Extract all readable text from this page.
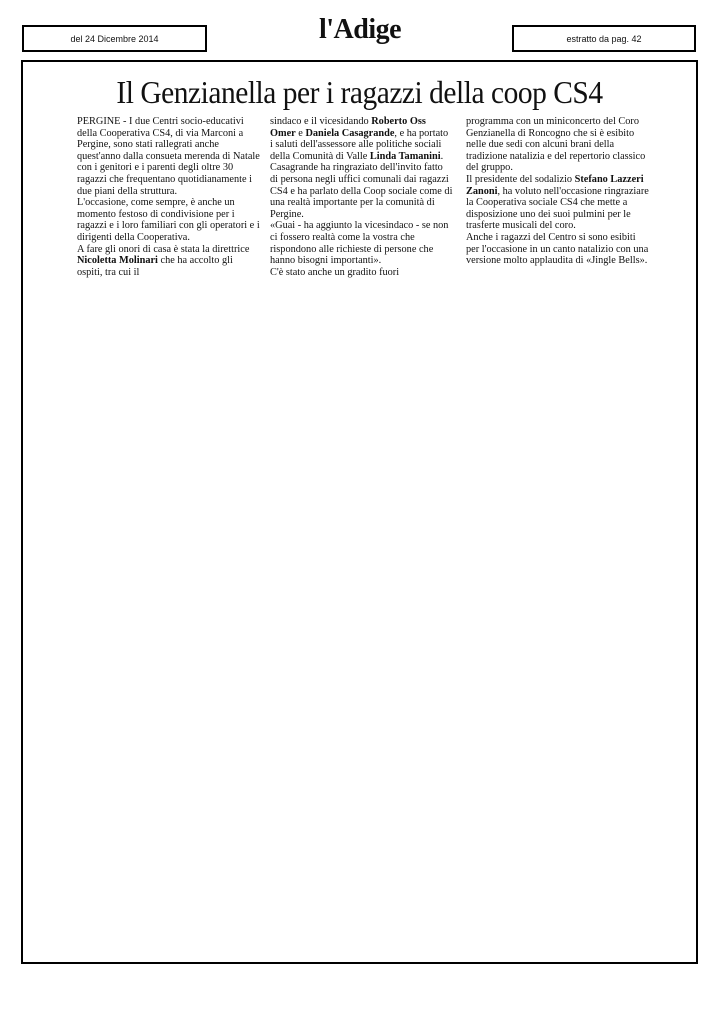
del 24 Dicembre 2014	l'Adige	estratto da pag. 42
Il Genzianella per i ragazzi della coop CS4

PERGINE - I due Centri socio-educativi della Cooperativa CS4, di via Marconi a Pergine, sono stati rallegrati anche quest'anno dalla consueta merenda di Natale con i genitori e i parenti degli oltre 30 ragazzi che frequentano quotidianamente i due piani della struttura.

L'occasione, come sempre, è anche un momento festoso di condivisione per i ragazzi e i loro familiari con gli operatori e i dirigenti della Cooperativa.

A fare gli onori di casa è stata la direttrice Nicoletta Molinari che ha accolto gli ospiti, tra cui il

sindaco e il vicesidando Roberto Oss Omer e Daniela Casagrande, e ha portato i saluti dell'assessore alle politiche sociali della Comunità di Valle Linda Tamanini.

Casagrande ha ringraziato dell'invito fatto di persona negli uffici comunali dai ragazzi CS4 e ha parlato della Coop sociale come di una realtà importante per la comunità di Pergine.

«Guai - ha aggiunto la vicesindaco - se non ci fossero realtà come la vostra che rispondono alle richieste di persone che hanno bisogni importanti».

C'è stato anche un gradito fuori

programma con un miniconcerto del Coro Genzianella di Roncogno che si è esibito nelle due sedi con alcuni brani della tradizione natalizia e del repertorio classico del gruppo.

Il presidente del sodalizio Stefano Lazzeri Zanoni, ha voluto nell'occasione ringraziare la Cooperativa sociale CS4 che mette a disposizione uno dei suoi pulmini per le trasferte musicali del coro.

Anche i ragazzi del Centro si sono esibiti per l'occasione in un canto natalizio con una versione molto applaudita di «Jingle Bells».
